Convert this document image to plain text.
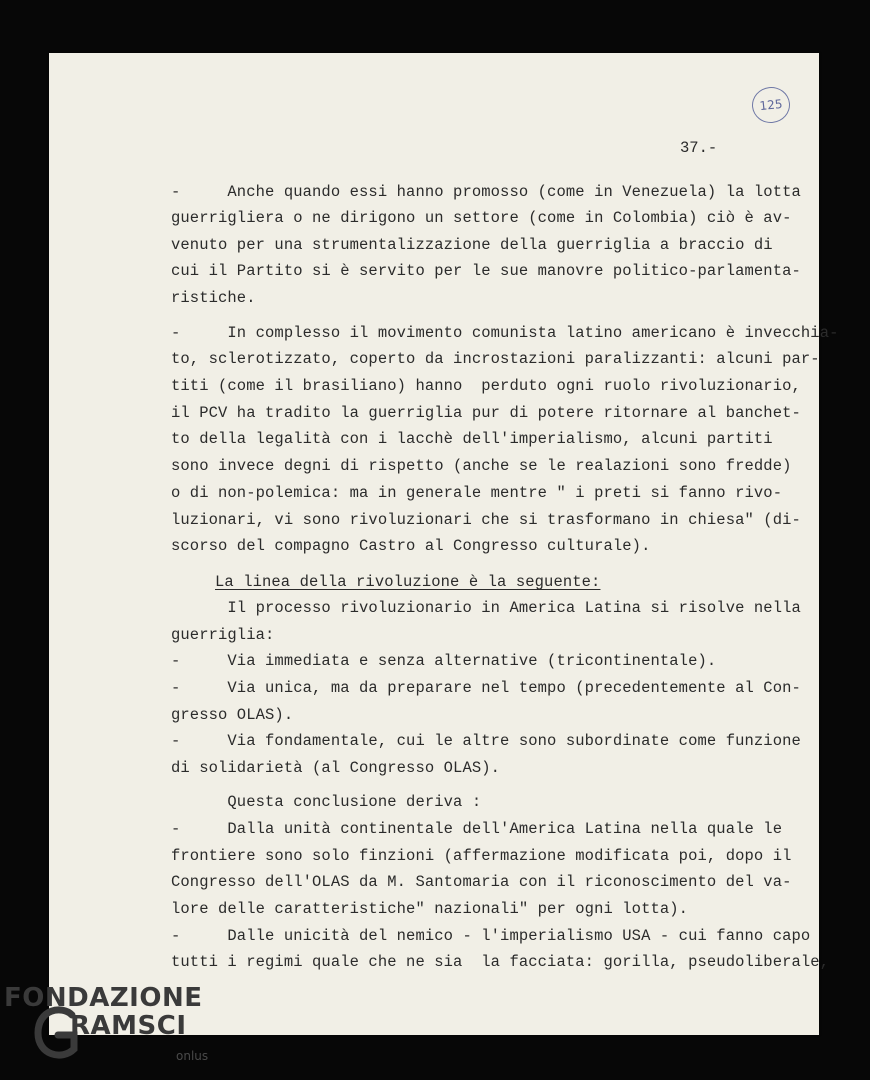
125
37.-
-     Anche quando essi hanno promosso (come in Venezuela) la lotta
guerrigliera o ne dirigono un settore (come in Colombia) ciò è av-
venuto per una strumentalizzazione della guerriglia a braccio di
cui il Partito si è servito per le sue manovre politico-parlamenta-
ristiche.
-     In complesso il movimento comunista latino americano è invecchia-
to, sclerotizzato, coperto da incrostazioni paralizzanti: alcuni par-
titi (come il brasiliano) hanno  perduto ogni ruolo rivoluzionario,
il PCV ha tradito la guerriglia pur di potere ritornare al banchet-
to della legalità con i lacchè dell'imperialismo, alcuni partiti
sono invece degni di rispetto (anche se le realazioni sono fredde)
o di non-polemica: ma in generale mentre " i preti si fanno rivo-
luzionari, vi sono rivoluzionari che si trasformano in chiesa" (di-
scorso del compagno Castro al Congresso culturale).
La linea della rivoluzione è la seguente:
Il processo rivoluzionario in America Latina si risolve nella
guerriglia:
-     Via immediata e senza alternative (tricontinentale).
-     Via unica, ma da preparare nel tempo (precedentemente al Con-
gresso OLAS).
-     Via fondamentale, cui le altre sono subordinate come funzione
di solidarietà (al Congresso OLAS).
Questa conclusione deriva :
-     Dalla unità continentale dell'America Latina nella quale le
frontiere sono solo finzioni (affermazione modificata poi, dopo il
Congresso dell'OLAS da M. Santomaria con il riconoscimento del va-
lore delle caratteristiche" nazionali" per ogni lotta).
-     Dalle unicità del nemico - l'imperialismo USA - cui fanno capo
tutti i regimi quale che ne sia  la facciata: gorilla, pseudoliberale,
FONDAZIONE
RAMSCI
onlus
